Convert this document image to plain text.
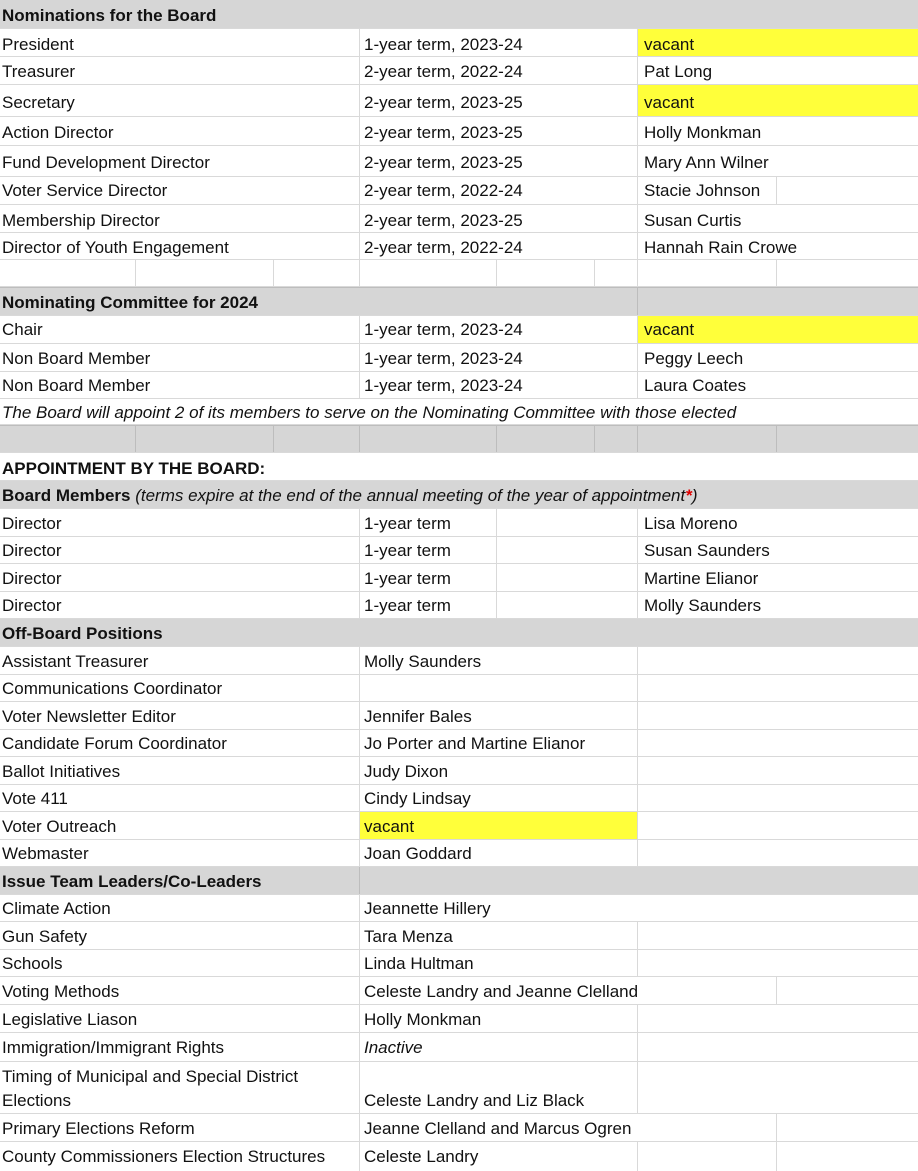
Nominations for the Board
President	1-year term, 2023-24	vacant
Treasurer	2-year term, 2022-24	Pat Long
Secretary	2-year term, 2023-25	vacant
Action Director	2-year term, 2023-25	Holly Monkman
Fund Development Director	2-year term, 2023-25	Mary Ann Wilner
Voter Service Director	2-year term, 2022-24	Stacie Johnson
Membership Director	2-year term, 2023-25	Susan Curtis
Director of Youth Engagement	2-year term, 2022-24	Hannah Rain Crowe
Nominating Committee for 2024
Chair	1-year term, 2023-24	vacant
Non Board Member	1-year term, 2023-24	Peggy Leech
Non Board Member	1-year term, 2023-24	Laura Coates
The Board will appoint 2 of its members to serve on the Nominating Committee with those elected
APPOINTMENT BY THE BOARD:
Board Members (terms expire at the end of the annual meeting of the year of appointment*)
Director	1-year term	Lisa Moreno
Director	1-year term	Susan Saunders
Director	1-year term	Martine Elianor
Director	1-year term	Molly Saunders
Off-Board Positions
Assistant Treasurer	Molly Saunders
Communications Coordinator
Voter Newsletter Editor	Jennifer Bales
Candidate Forum Coordinator	Jo Porter and Martine Elianor
Ballot Initiatives	Judy Dixon
Vote 411	Cindy Lindsay
Voter Outreach	vacant
Webmaster	Joan Goddard
Issue Team Leaders/Co-Leaders
Climate Action	Jeannette Hillery
Gun Safety	Tara Menza
Schools	Linda Hultman
Voting Methods	Celeste Landry and Jeanne Clelland
Legislative Liason	Holly Monkman
Immigration/Immigrant Rights	Inactive
Timing of Municipal and Special District
Elections	Celeste Landry and Liz Black
Primary Elections Reform	Jeanne Clelland and Marcus Ogren
County Commissioners Election Structures Celeste Landry
